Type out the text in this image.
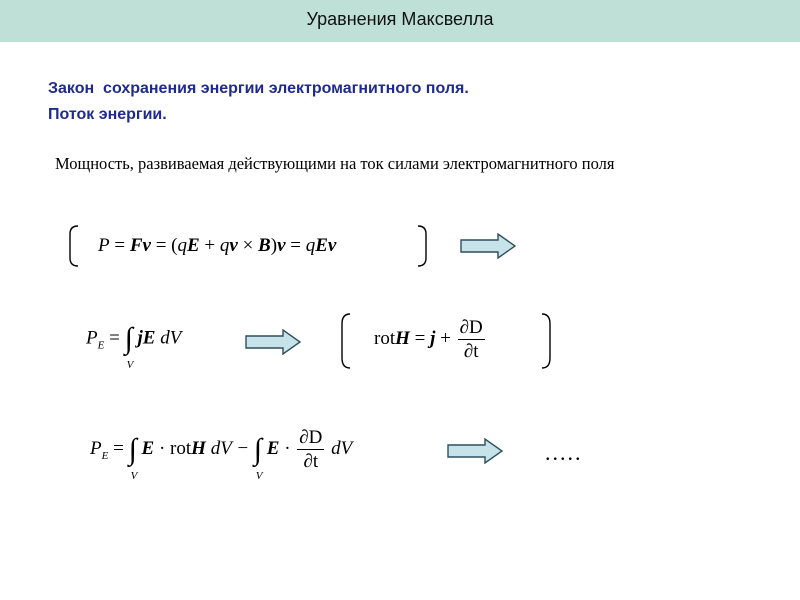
Уравнения Максвелла
Закон  сохранения энергии электромагнитного поля.
Поток энергии.
Мощность, развиваемая действующими на ток силами электромагнитного поля
P = Fv = (qE + qv × B)v = qEv
$P_E$ = ∫
V
jE dV	rotH = $j + \frac{\partial D}{\partial t}$
$P_E$ = ∫
V
E · rotH dV − ∫
V
$E \cdot \frac{\partial D}{\partial t}$ dV	.....
